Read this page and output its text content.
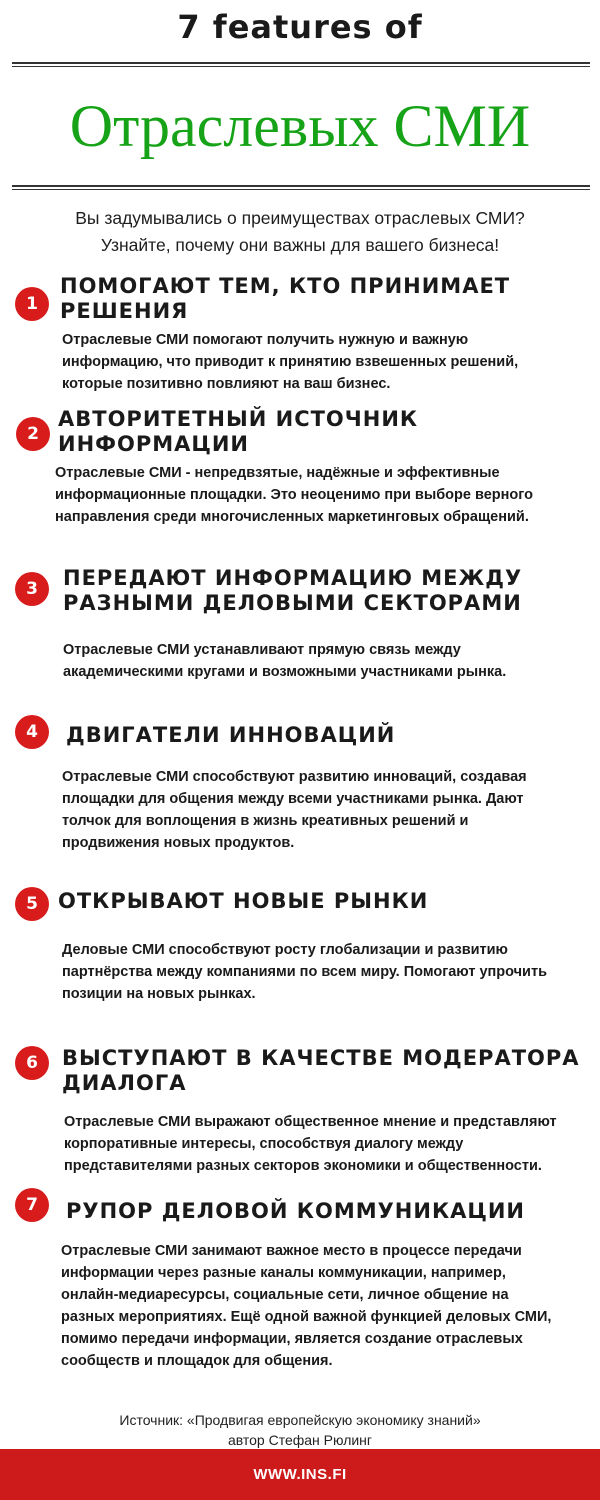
7 features of
Отраслевых СМИ
Вы задумывались о преимуществах отраслевых СМИ?
Узнайте, почему они важны для вашего бизнеса!
1
ПОМОГАЮТ ТЕМ, КТО ПРИНИМАЕТ РЕШЕНИЯ
Отраслевые СМИ помогают получить нужную и важную информацию, что приводит к принятию взвешенных решений, которые позитивно повлияют на ваш бизнес.
2
АВТОРИТЕТНЫЙ ИСТОЧНИК ИНФОРМАЦИИ
Отраслевые СМИ - непредвзятые, надёжные и эффективные информационные площадки. Это неоценимо при выборе верного направления среди многочисленных маркетинговых обращений.
3	ПЕРЕДАЮТ ИНФОРМАЦИЮ МЕЖДУ РАЗНЫМИ ДЕЛОВЫМИ СЕКТОРАМИ
Отраслевые СМИ устанавливают прямую связь между академическими кругами и возможными участниками рынка.
4	ДВИГАТЕЛИ ИННОВАЦИЙ
Отраслевые СМИ способствуют развитию инноваций, создавая площадки для общения между всеми участниками рынка. Дают толчок для воплощения в жизнь креативных решений и продвижения новых продуктов.
5 ОТКРЫВАЮТ НОВЫЕ РЫНКИ
Деловые СМИ способствуют росту глобализации и развитию партнёрства между компаниями по всем миру. Помогают упрочить позиции на новых рынках.
6	ВЫСТУПАЮТ В КАЧЕСТВЕ МОДЕРАТОРА ДИАЛОГА
Отраслевые СМИ выражают общественное мнение и представляют корпоративные интересы, способствуя диалогу между представителями разных секторов экономики и общественности.
7	РУПОР ДЕЛОВОЙ КОММУНИКАЦИИ
Отраслевые СМИ занимают важное место в процессе передачи информации через разные каналы коммуникации, например, онлайн-медиаресурсы, социальные сети, личное общение на разных мероприятиях. Ещё одной важной функцией деловых СМИ, помимо передачи информации, является создание отраслевых сообществ и площадок для общения.
Источник: «Продвигая европейскую экономику знаний»
автор Стефан Рюлинг
WWW.INS.FI
